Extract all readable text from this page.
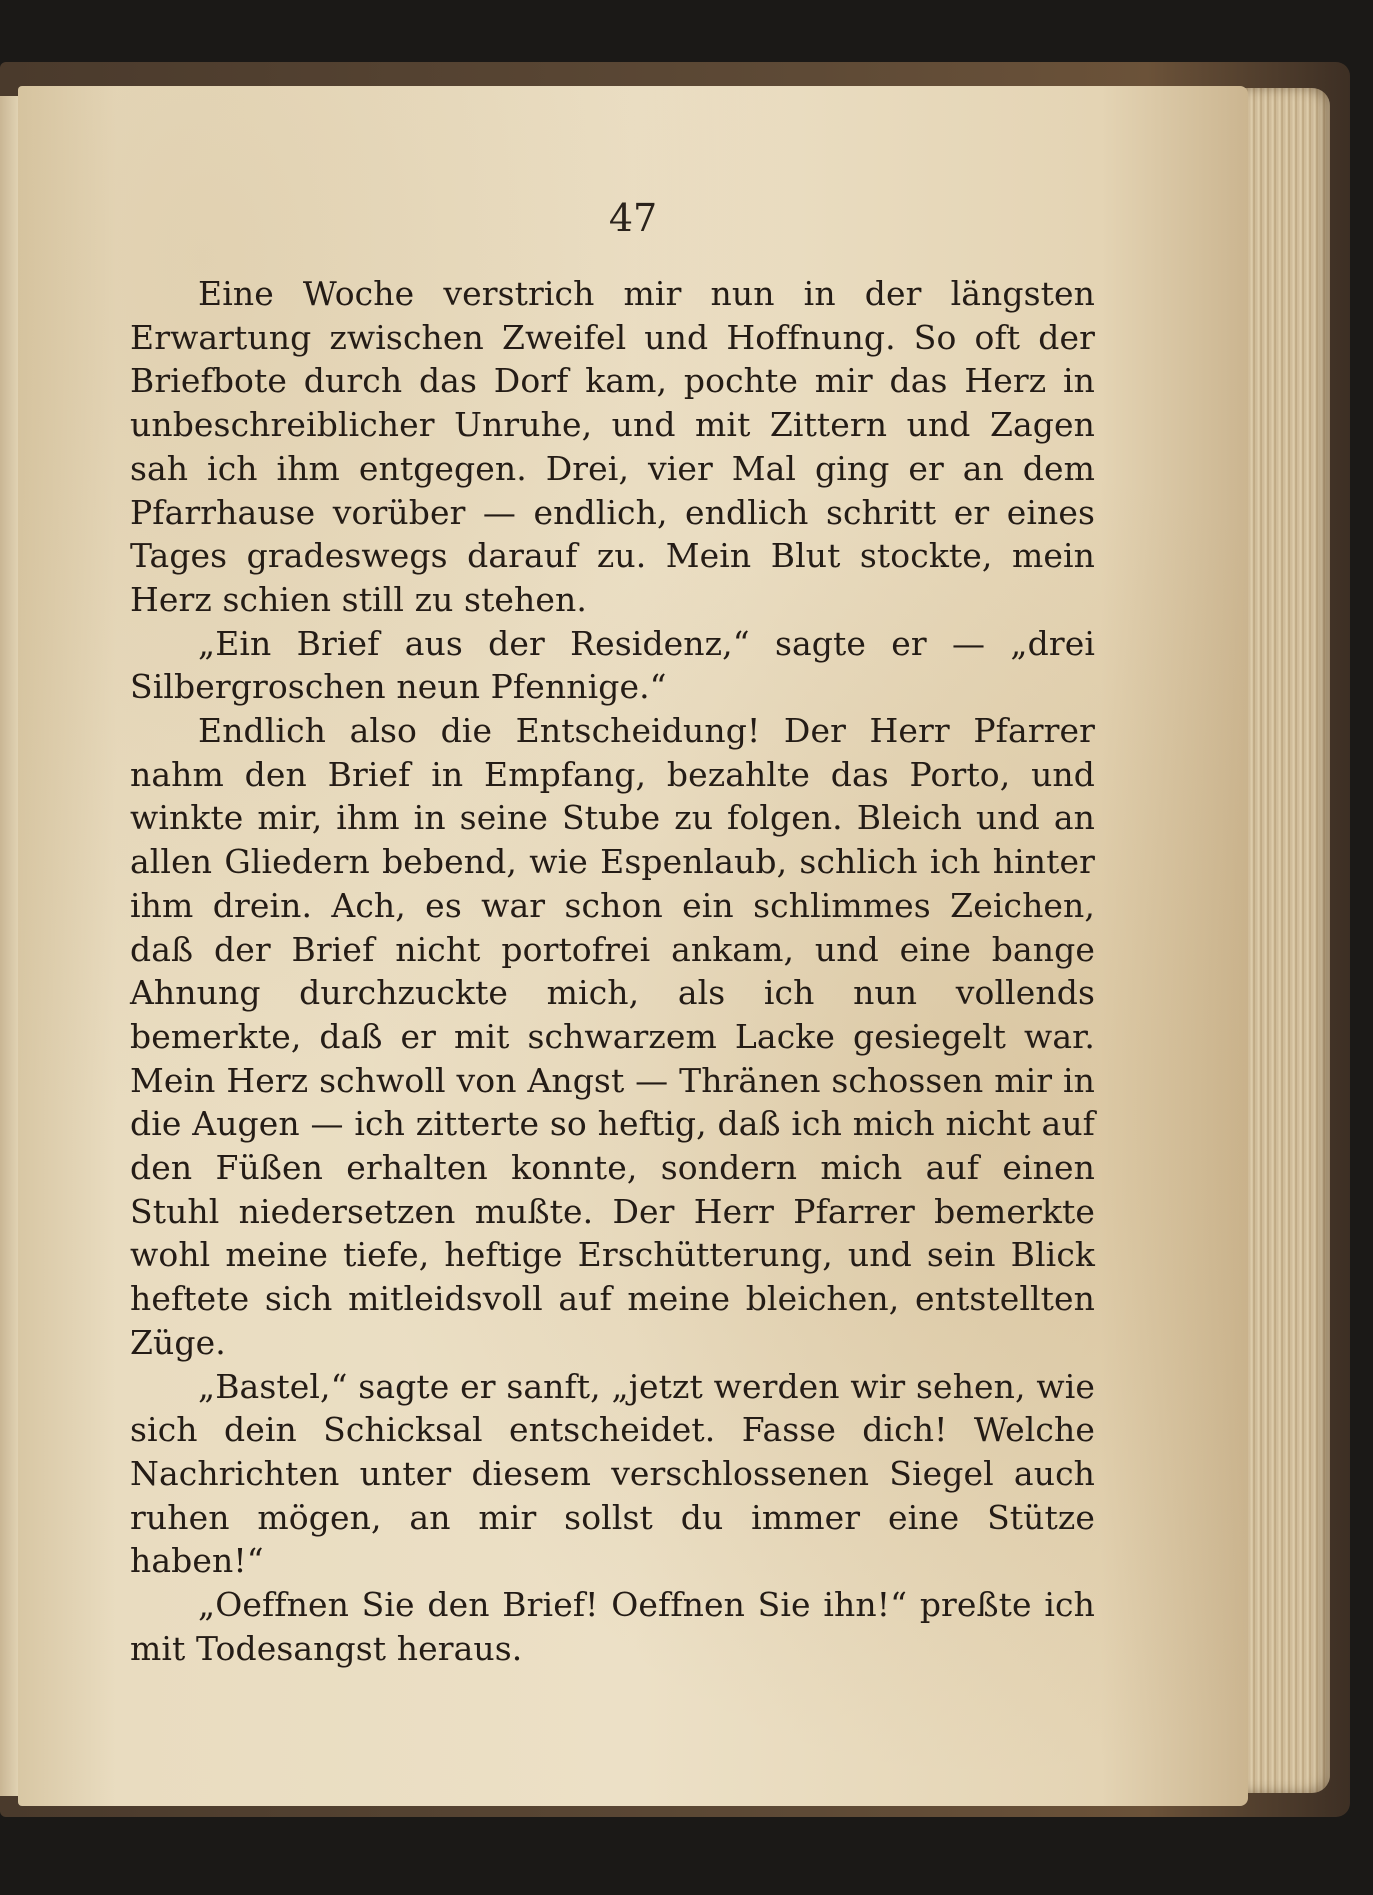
47

Eine Woche verstrich mir nun in der längsten Erwartung zwischen Zweifel und Hoffnung. So oft der Briefbote durch das Dorf kam, pochte mir das Herz in unbeschreiblicher Unruhe, und mit Zittern und Zagen sah ich ihm entgegen. Drei, vier Mal ging er an dem Pfarrhause vorüber — endlich, endlich schritt er eines Tages gradeswegs darauf zu. Mein Blut stockte, mein Herz schien still zu stehen.

„Ein Brief aus der Residenz,“ sagte er — „drei Silbergroschen neun Pfennige.“

Endlich also die Entscheidung! Der Herr Pfarrer nahm den Brief in Empfang, bezahlte das Porto, und winkte mir, ihm in seine Stube zu folgen. Bleich und an allen Gliedern bebend, wie Espenlaub, schlich ich hinter ihm drein. Ach, es war schon ein schlimmes Zeichen, daß der Brief nicht portofrei ankam, und eine bange Ahnung durchzuckte mich, als ich nun vollends bemerkte, daß er mit schwarzem Lacke gesiegelt war. Mein Herz schwoll von Angst — Thränen schossen mir in die Augen — ich zitterte so heftig, daß ich mich nicht auf den Füßen erhalten konnte, sondern mich auf einen Stuhl niedersetzen mußte. Der Herr Pfarrer bemerkte wohl meine tiefe, heftige Erschütterung, und sein Blick heftete sich mitleidsvoll auf meine bleichen, entstellten Züge.

„Bastel,“ sagte er sanft, „jetzt werden wir sehen, wie sich dein Schicksal entscheidet. Fasse dich! Welche Nachrichten unter diesem verschlossenen Siegel auch ruhen mögen, an mir sollst du immer eine Stütze haben!“

„Oeffnen Sie den Brief! Oeffnen Sie ihn!“ preßte ich mit Todesangst heraus.
